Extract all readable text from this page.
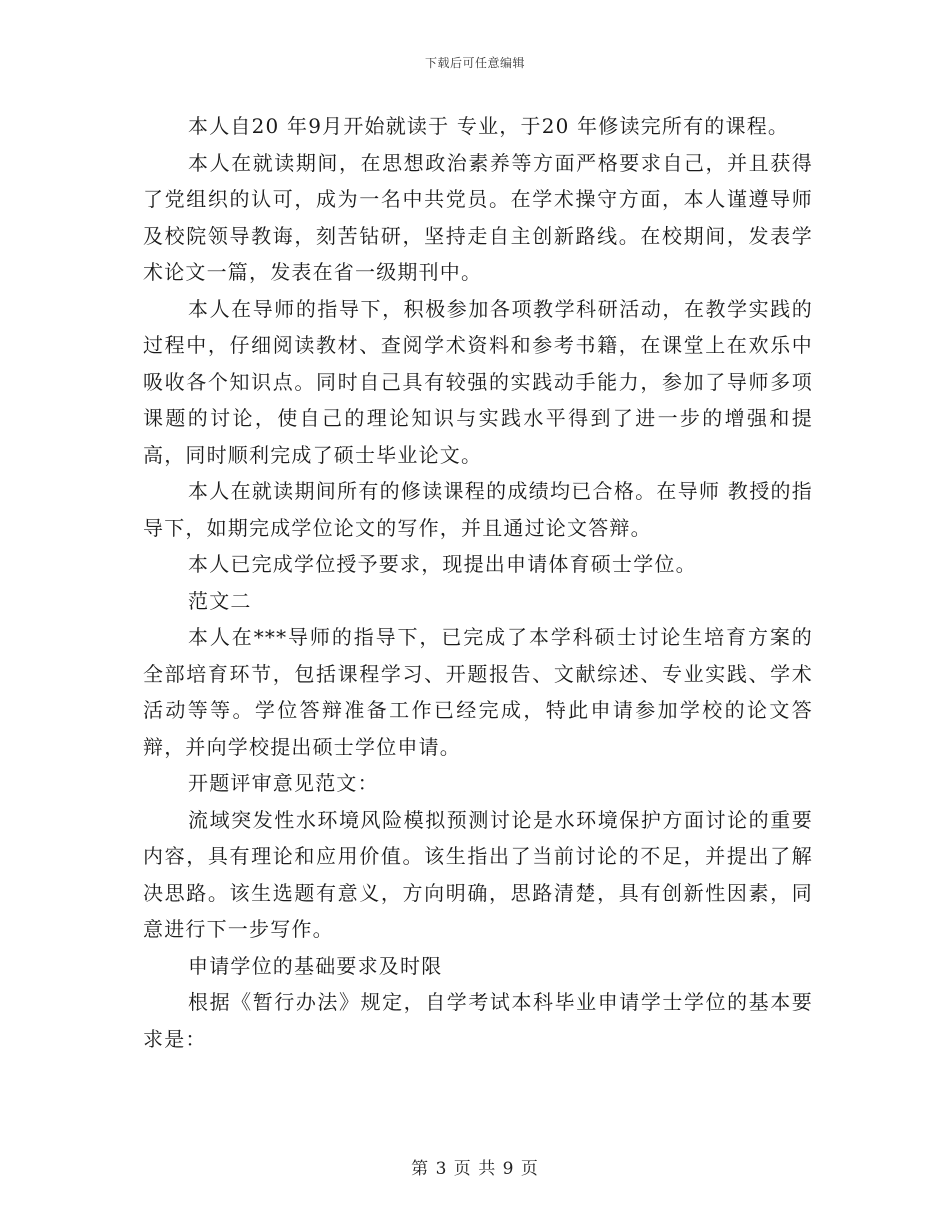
下载后可任意编辑

本人自20 年9月开始就读于 专业，于20 年修读完所有的课程。

本人在就读期间，在思想政治素养等方面严格要求自己，并且获得了党组织的认可，成为一名中共党员。在学术操守方面，本人谨遵导师及校院领导教诲，刻苦钻研，坚持走自主创新路线。在校期间，发表学术论文一篇，发表在省一级期刊中。

本人在导师的指导下，积极参加各项教学科研活动，在教学实践的过程中，仔细阅读教材、查阅学术资料和参考书籍，在课堂上在欢乐中吸收各个知识点。同时自己具有较强的实践动手能力，参加了导师多项课题的讨论，使自己的理论知识与实践水平得到了进一步的增强和提高，同时顺利完成了硕士毕业论文。

本人在就读期间所有的修读课程的成绩均已合格。在导师 教授的指导下，如期完成学位论文的写作，并且通过论文答辩。

本人已完成学位授予要求，现提出申请体育硕士学位。

范文二

本人在***导师的指导下，已完成了本学科硕士讨论生培育方案的全部培育环节，包括课程学习、开题报告、文献综述、专业实践、学术活动等等。学位答辩准备工作已经完成，特此申请参加学校的论文答辩，并向学校提出硕士学位申请。

开题评审意见范文：

流域突发性水环境风险模拟预测讨论是水环境保护方面讨论的重要内容，具有理论和应用价值。该生指出了当前讨论的不足，并提出了解决思路。该生选题有意义，方向明确，思路清楚，具有创新性因素，同意进行下一步写作。

申请学位的基础要求及时限

根据《暂行办法》规定，自学考试本科毕业申请学士学位的基本要求是：

第 3 页 共 9 页
